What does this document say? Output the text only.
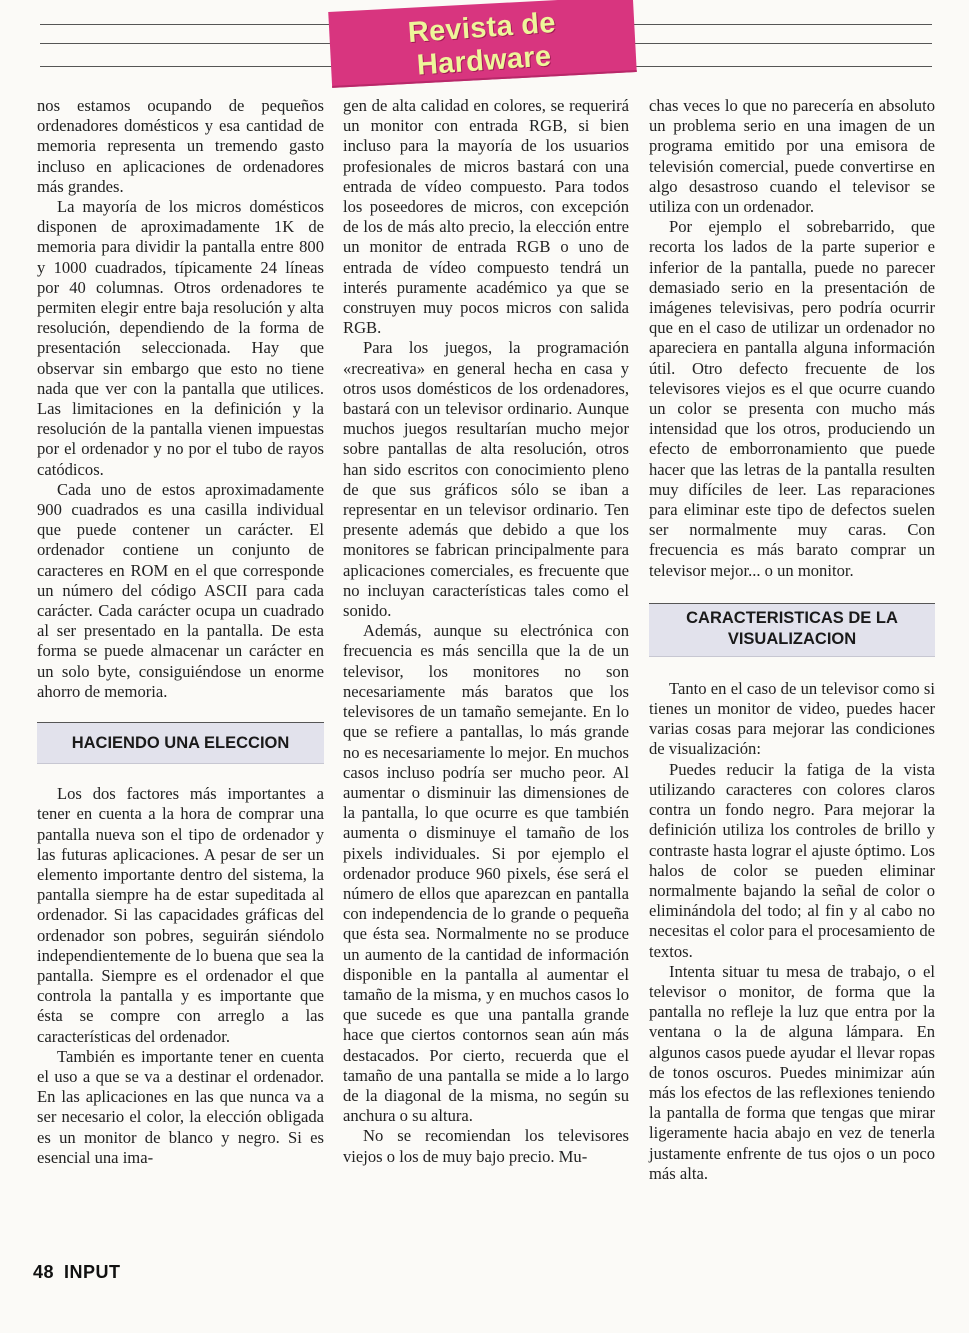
Revista de Hardware

nos estamos ocupando de pequeños ordenadores domésticos y esa cantidad de memoria representa un tremendo gasto incluso en aplicaciones de ordenadores más grandes.

La mayoría de los micros domésticos disponen de aproximadamente 1K de memoria para dividir la pantalla entre 800 y 1000 cuadrados, típicamente 24 líneas por 40 columnas. Otros ordenadores te permiten elegir entre baja resolución y alta resolución, dependiendo de la forma de presentación seleccionada. Hay que observar sin embargo que esto no tiene nada que ver con la pantalla que utilices. Las limitaciones en la definición y la resolución de la pantalla vienen impuestas por el ordenador y no por el tubo de rayos catódicos.

Cada uno de estos aproximadamente 900 cuadrados es una casilla individual que puede contener un carácter. El ordenador contiene un conjunto de caracteres en ROM en el que corresponde un número del código ASCII para cada carácter. Cada carácter ocupa un cuadrado al ser presentado en la pantalla. De esta forma se puede almacenar un carácter en un solo byte, consiguiéndose un enorme ahorro de memoria.

HACIENDO UNA ELECCION

Los dos factores más importantes a tener en cuenta a la hora de comprar una pantalla nueva son el tipo de ordenador y las futuras aplicaciones. A pesar de ser un elemento importante dentro del sistema, la pantalla siempre ha de estar supeditada al ordenador. Si las capacidades gráficas del ordenador son pobres, seguirán siéndolo independientemente de lo buena que sea la pantalla. Siempre es el ordenador el que controla la pantalla y es importante que ésta se compre con arreglo a las características del ordenador.

También es importante tener en cuenta el uso a que se va a destinar el ordenador. En las aplicaciones en las que nunca va a ser necesario el color, la elección obligada es un monitor de blanco y negro. Si es esencial una ima-

gen de alta calidad en colores, se requerirá un monitor con entrada RGB, si bien incluso para la mayoría de los usuarios profesionales de micros bastará con una entrada de vídeo compuesto. Para todos los poseedores de micros, con excepción de los de más alto precio, la elección entre un monitor de entrada RGB o uno de entrada de vídeo compuesto tendrá un interés puramente académico ya que se construyen muy pocos micros con salida RGB.

Para los juegos, la programación «recreativa» en general hecha en casa y otros usos domésticos de los ordenadores, bastará con un televisor ordinario. Aunque muchos juegos resultarían mucho mejor sobre pantallas de alta resolución, otros han sido escritos con conocimiento pleno de que sus gráficos sólo se iban a representar en un televisor ordinario. Ten presente además que debido a que los monitores se fabrican principalmente para aplicaciones comerciales, es frecuente que no incluyan características tales como el sonido.

Además, aunque su electrónica con frecuencia es más sencilla que la de un televisor, los monitores no son necesariamente más baratos que los televisores de un tamaño semejante. En lo que se refiere a pantallas, lo más grande no es necesariamente lo mejor. En muchos casos incluso podría ser mucho peor. Al aumentar o disminuir las dimensiones de la pantalla, lo que ocurre es que también aumenta o disminuye el tamaño de los pixels individuales. Si por ejemplo el ordenador produce 960 pixels, ése será el número de ellos que aparezcan en pantalla con independencia de lo grande o pequeña que ésta sea. Normalmente no se produce un aumento de la cantidad de información disponible en la pantalla al aumentar el tamaño de la misma, y en muchos casos lo que sucede es que una pantalla grande hace que ciertos contornos sean aún más destacados. Por cierto, recuerda que el tamaño de una pantalla se mide a lo largo de la diagonal de la misma, no según su anchura o su altura.

No se recomiendan los televisores viejos o los de muy bajo precio. Mu-

chas veces lo que no parecería en absoluto un problema serio en una imagen de un programa emitido por una emisora de televisión comercial, puede convertirse en algo desastroso cuando el televisor se utiliza con un ordenador.

Por ejemplo el sobrebarrido, que recorta los lados de la parte superior e inferior de la pantalla, puede no parecer demasiado serio en la presentación de imágenes televisivas, pero podría ocurrir que en el caso de utilizar un ordenador no apareciera en pantalla alguna información útil. Otro defecto frecuente de los televisores viejos es el que ocurre cuando un color se presenta con mucho más intensidad que los otros, produciendo un efecto de emborronamiento que puede hacer que las letras de la pantalla resulten muy difíciles de leer. Las reparaciones para eliminar este tipo de defectos suelen ser normalmente muy caras. Con frecuencia es más barato comprar un televisor mejor... o un monitor.

CARACTERISTICAS DE LA
VISUALIZACION

Tanto en el caso de un televisor como si tienes un monitor de video, puedes hacer varias cosas para mejorar las condiciones de visualización:

Puedes reducir la fatiga de la vista utilizando caracteres con colores claros contra un fondo negro. Para mejorar la definición utiliza los controles de brillo y contraste hasta lograr el ajuste óptimo. Los halos de color se pueden eliminar normalmente bajando la señal de color o eliminándola del todo; al fin y al cabo no necesitas el color para el procesamiento de textos.

Intenta situar tu mesa de trabajo, o el televisor o monitor, de forma que la pantalla no refleje la luz que entra por la ventana o la de alguna lámpara. En algunos casos puede ayudar el llevar ropas de tonos oscuros. Puedes minimizar aún más los efectos de las reflexiones teniendo la pantalla de forma que tengas que mirar ligeramente hacia abajo en vez de tenerla justamente enfrente de tus ojos o un poco más alta.

48 INPUT
